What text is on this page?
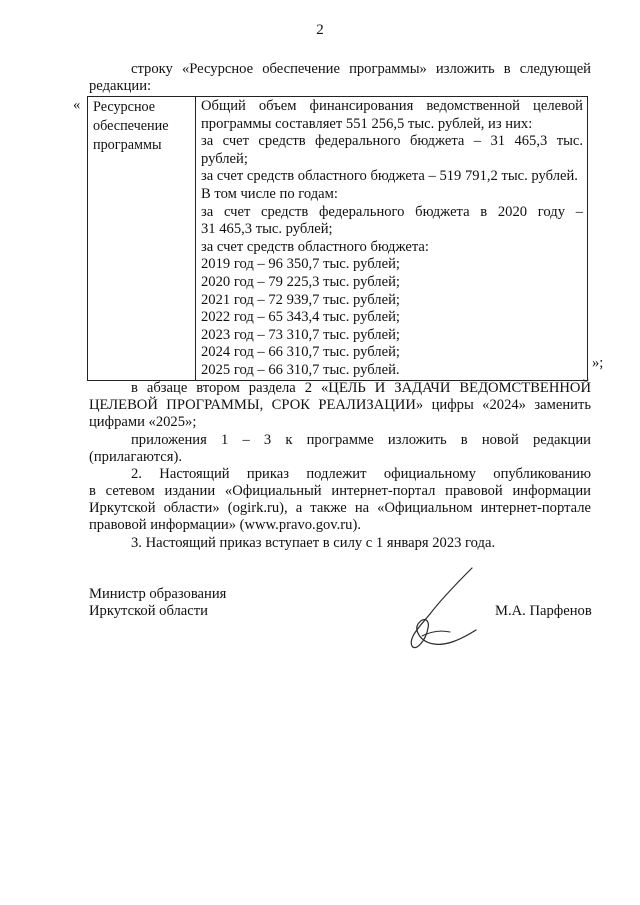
2
строку «Ресурсное обеспечение программы» изложить в следующей
редакции:
« Ресурсное
обеспечение
программы

Общий объем финансирования ведомственной целевой
программы составляет 551 256,5 тыс. рублей, из них:
за счет средств федерального бюджета – 31 465,3 тыс.
рублей;
за счет средств областного бюджета – 519 791,2 тыс. рублей.
В том числе по годам:
за счет средств федерального бюджета в 2020 году –
31 465,3 тыс. рублей;
за счет средств областного бюджета:
2019 год – 96 350,7 тыс. рублей;
2020 год – 79 225,3 тыс. рублей;
2021 год – 72 939,7 тыс. рублей;
2022 год – 65 343,4 тыс. рублей;
2023 год – 73 310,7 тыс. рублей;
2024 год – 66 310,7 тыс. рублей;
2025 год – 66 310,7 тыс. рублей.	»;
в абзаце втором раздела 2 «ЦЕЛЬ И ЗАДАЧИ ВЕДОМСТВЕННОЙ
ЦЕЛЕВОЙ ПРОГРАММЫ, СРОК РЕАЛИЗАЦИИ» цифры «2024» заменить
цифрами «2025»;
приложения 1 – 3 к программе изложить в новой редакции
(прилагаются).
2. Настоящий приказ подлежит официальному опубликованию
в сетевом издании «Официальный интернет-портал правовой информации
Иркутской области» (ogirk.ru), а также на «Официальном интернет-портале
правовой информации» (www.pravo.gov.ru).
3. Настоящий приказ вступает в силу с 1 января 2023 года.
Министр образования
Иркутской области	М.А. Парфенов
